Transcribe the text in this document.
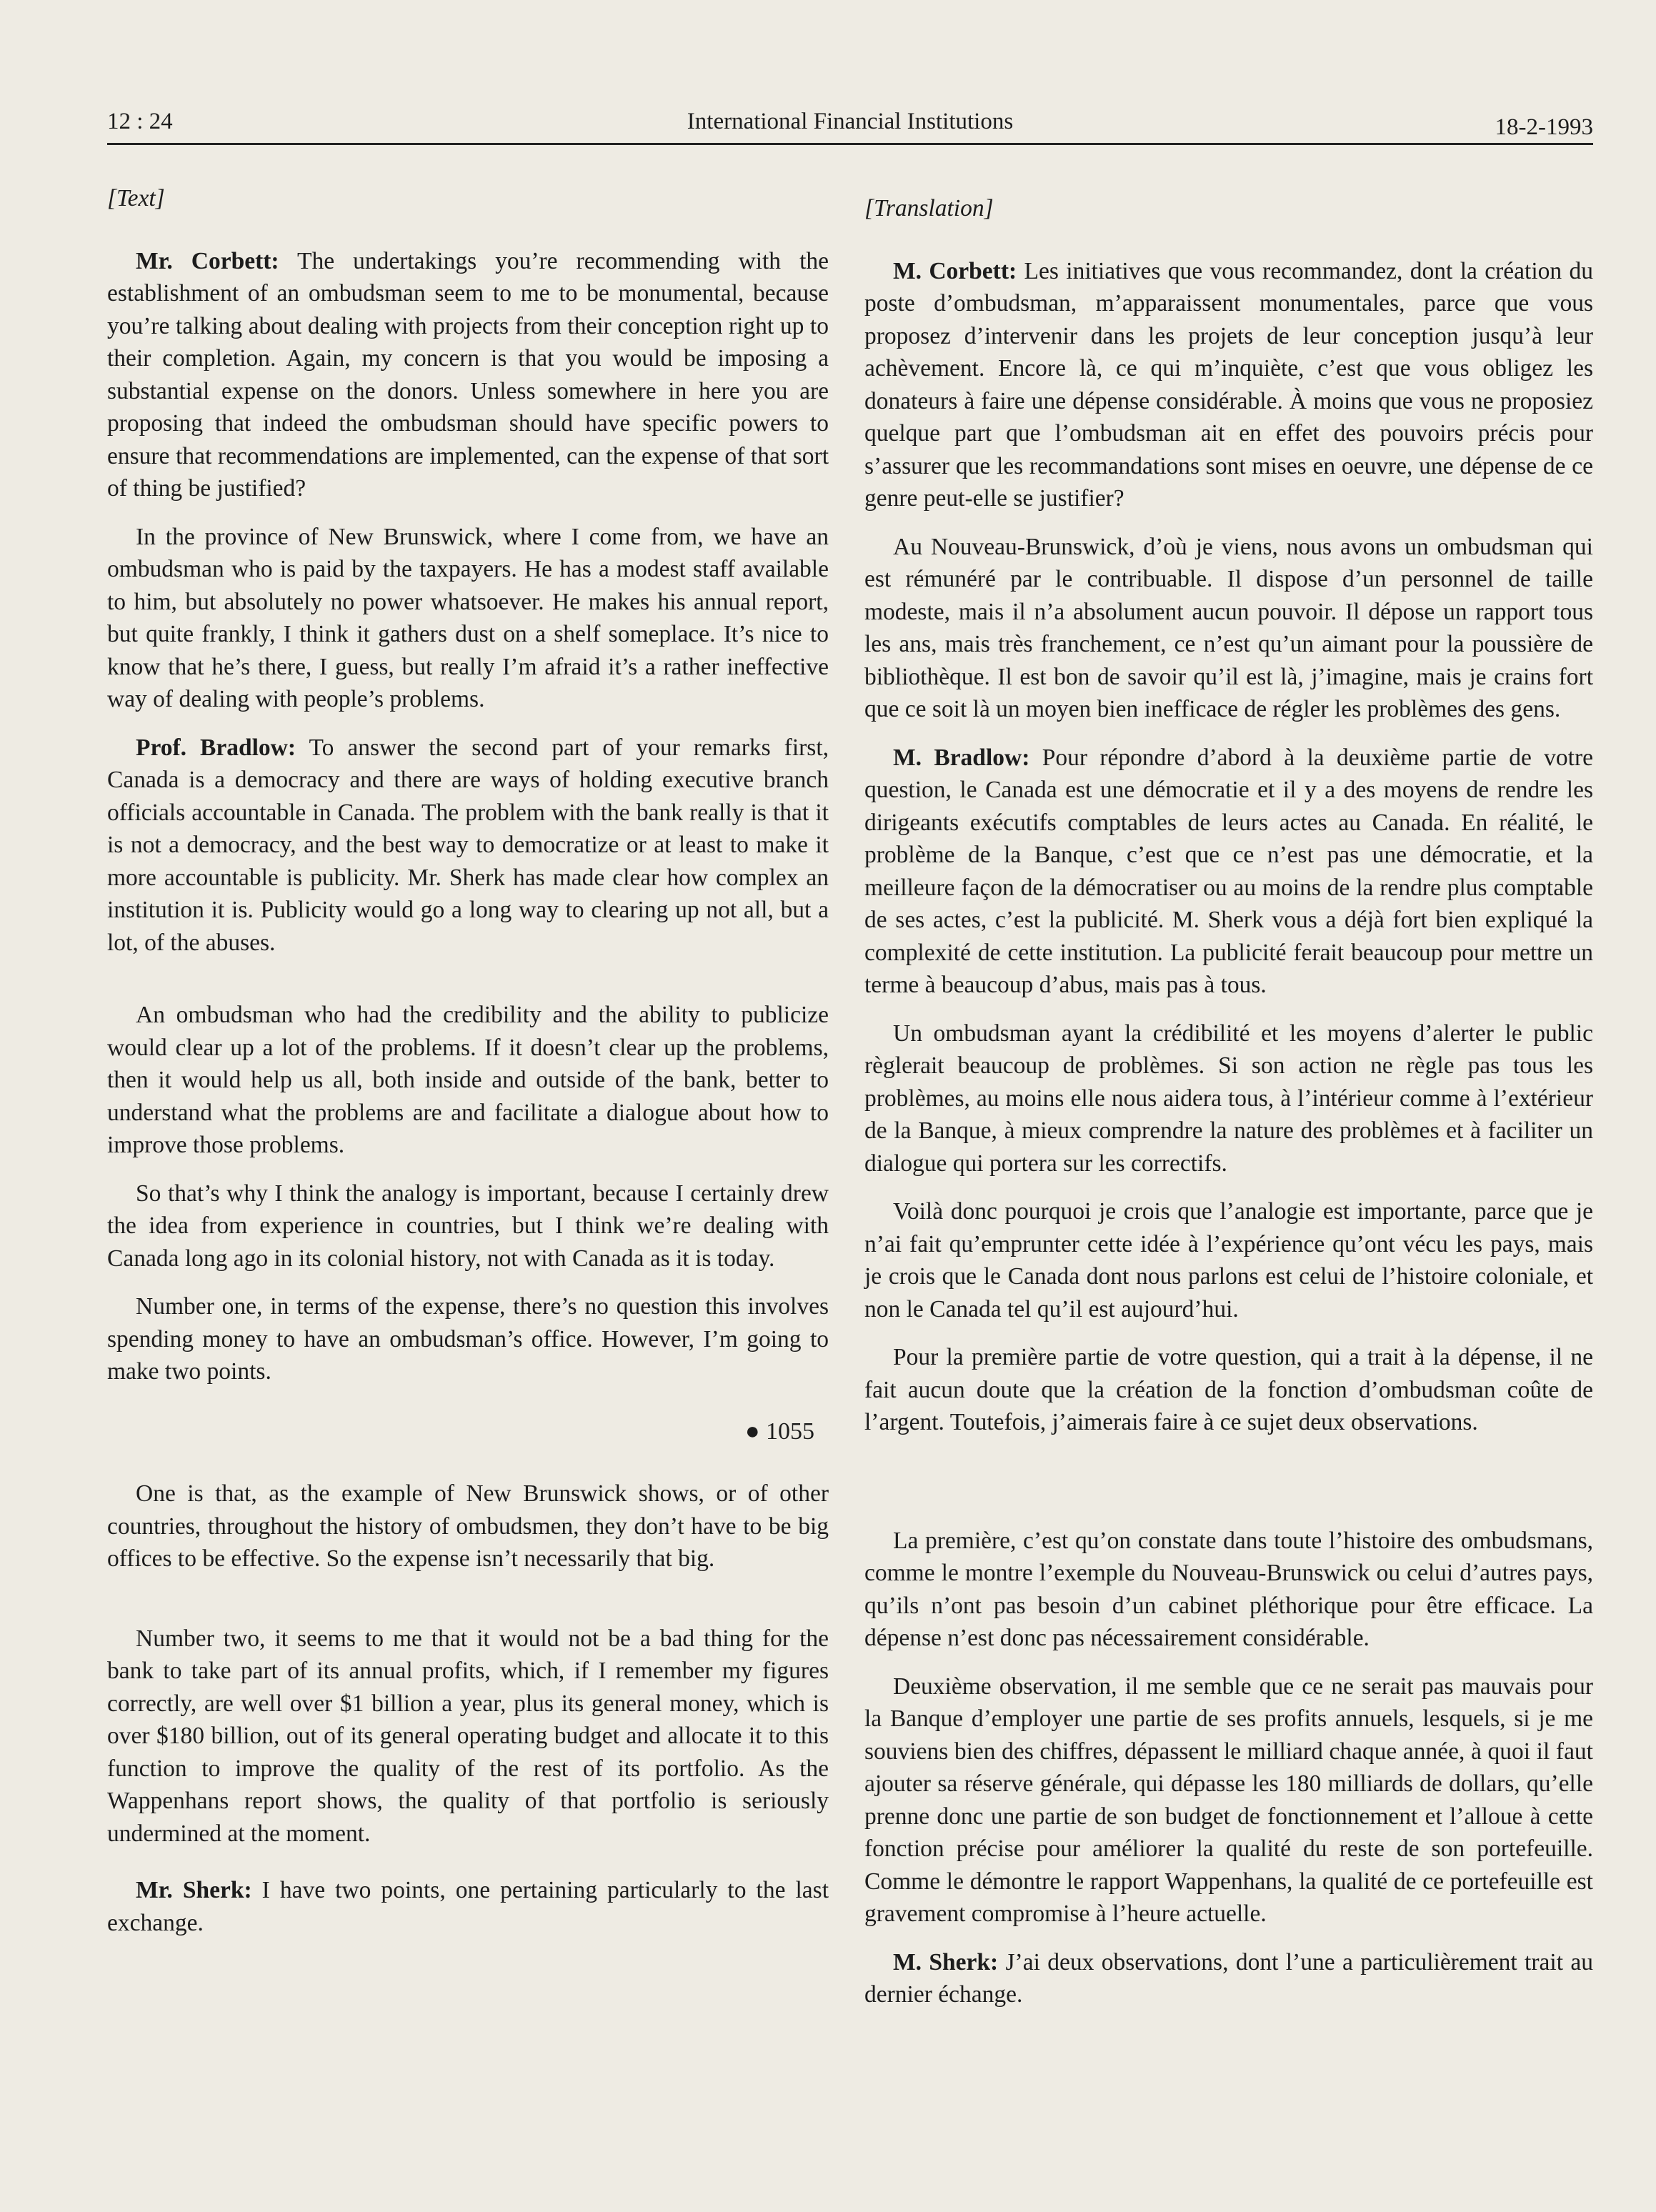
12 : 24	International Financial Institutions	18-2-1993
[Text]

Mr. Corbett: The undertakings you’re recommending with the establishment of an ombudsman seem to me to be monumental, because you’re talking about dealing with projects from their conception right up to their completion. Again, my concern is that you would be imposing a substantial expense on the donors. Unless somewhere in here you are proposing that indeed the ombudsman should have specific powers to ensure that recommendations are implemented, can the expense of that sort of thing be justified?

In the province of New Brunswick, where I come from, we have an ombudsman who is paid by the taxpayers. He has a modest staff available to him, but absolutely no power whatsoever. He makes his annual report, but quite frankly, I think it gathers dust on a shelf someplace. It’s nice to know that he’s there, I guess, but really I’m afraid it’s a rather ineffective way of dealing with people’s problems.

Prof. Bradlow: To answer the second part of your remarks first, Canada is a democracy and there are ways of holding executive branch officials accountable in Canada. The problem with the bank really is that it is not a democracy, and the best way to democratize or at least to make it more accountable is publicity. Mr. Sherk has made clear how complex an institution it is. Publicity would go a long way to clearing up not all, but a lot, of the abuses.

An ombudsman who had the credibility and the ability to publicize would clear up a lot of the problems. If it doesn’t clear up the problems, then it would help us all, both inside and outside of the bank, better to understand what the problems are and facilitate a dialogue about how to improve those problems.

So that’s why I think the analogy is important, because I certainly drew the idea from experience in countries, but I think we’re dealing with Canada long ago in its colonial history, not with Canada as it is today.

Number one, in terms of the expense, there’s no question this involves spending money to have an ombudsman’s office. However, I’m going to make two points.

● 1055

One is that, as the example of New Brunswick shows, or of other countries, throughout the history of ombudsmen, they don’t have to be big offices to be effective. So the expense isn’t necessarily that big.

Number two, it seems to me that it would not be a bad thing for the bank to take part of its annual profits, which, if I remember my figures correctly, are well over $1 billion a year, plus its general money, which is over $180 billion, out of its general operating budget and allocate it to this function to improve the quality of the rest of its portfolio. As the Wappenhans report shows, the quality of that portfolio is seriously undermined at the moment.

Mr. Sherk: I have two points, one pertaining particularly to the last exchange.

[Translation]

M. Corbett: Les initiatives que vous recommandez, dont la création du poste d’ombudsman, m’apparaissent monumentales, parce que vous proposez d’intervenir dans les projets de leur conception jusqu’à leur achèvement. Encore là, ce qui m’inquiète, c’est que vous obligez les donateurs à faire une dépense considérable. À moins que vous ne proposiez quelque part que l’ombudsman ait en effet des pouvoirs précis pour s’assurer que les recommandations sont mises en oeuvre, une dépense de ce genre peut-elle se justifier?

Au Nouveau-Brunswick, d’où je viens, nous avons un ombudsman qui est rémunéré par le contribuable. Il dispose d’un personnel de taille modeste, mais il n’a absolument aucun pouvoir. Il dépose un rapport tous les ans, mais très franchement, ce n’est qu’un aimant pour la poussière de bibliothèque. Il est bon de savoir qu’il est là, j’imagine, mais je crains fort que ce soit là un moyen bien inefficace de régler les problèmes des gens.

M. Bradlow: Pour répondre d’abord à la deuxième partie de votre question, le Canada est une démocratie et il y a des moyens de rendre les dirigeants exécutifs comptables de leurs actes au Canada. En réalité, le problème de la Banque, c’est que ce n’est pas une démocratie, et la meilleure façon de la démocratiser ou au moins de la rendre plus comptable de ses actes, c’est la publicité. M. Sherk vous a déjà fort bien expliqué la complexité de cette institution. La publicité ferait beaucoup pour mettre un terme à beaucoup d’abus, mais pas à tous.

Un ombudsman ayant la crédibilité et les moyens d’alerter le public règlerait beaucoup de problèmes. Si son action ne règle pas tous les problèmes, au moins elle nous aidera tous, à l’intérieur comme à l’extérieur de la Banque, à mieux comprendre la nature des problèmes et à faciliter un dialogue qui portera sur les correctifs.

Voilà donc pourquoi je crois que l’analogie est importante, parce que je n’ai fait qu’emprunter cette idée à l’expérience qu’ont vécu les pays, mais je crois que le Canada dont nous parlons est celui de l’histoire coloniale, et non le Canada tel qu’il est aujourd’hui.

Pour la première partie de votre question, qui a trait à la dépense, il ne fait aucun doute que la création de la fonction d’ombudsman coûte de l’argent. Toutefois, j’aimerais faire à ce sujet deux observations.

La première, c’est qu’on constate dans toute l’histoire des ombudsmans, comme le montre l’exemple du Nouveau-Brunswick ou celui d’autres pays, qu’ils n’ont pas besoin d’un cabinet pléthorique pour être efficace. La dépense n’est donc pas nécessairement considérable.

Deuxième observation, il me semble que ce ne serait pas mauvais pour la Banque d’employer une partie de ses profits annuels, lesquels, si je me souviens bien des chiffres, dépassent le milliard chaque année, à quoi il faut ajouter sa réserve générale, qui dépasse les 180 milliards de dollars, qu’elle prenne donc une partie de son budget de fonctionnement et l’alloue à cette fonction précise pour améliorer la qualité du reste de son portefeuille. Comme le démontre le rapport Wappenhans, la qualité de ce portefeuille est gravement compromise à l’heure actuelle.

M. Sherk: J’ai deux observations, dont l’une a particulièrement trait au dernier échange.
